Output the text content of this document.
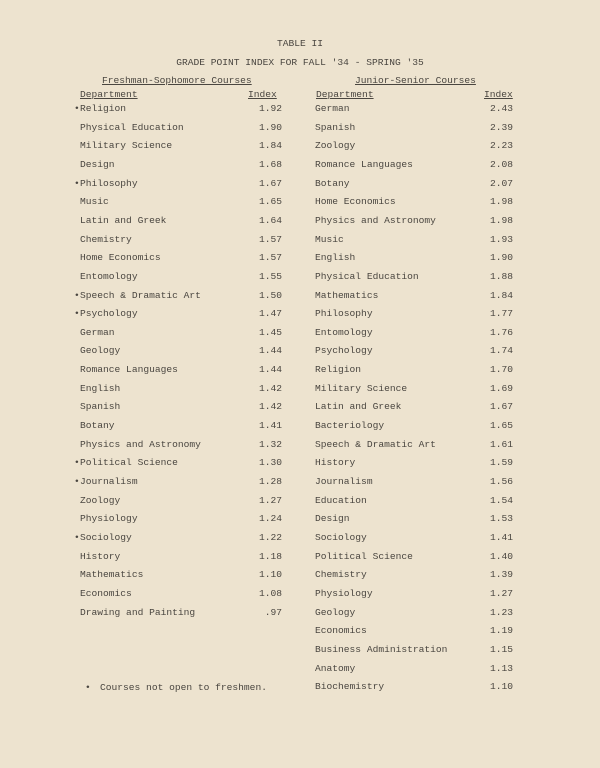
TABLE II
GRADE POINT INDEX FOR FALL '34 - SPRING '35
Freshman-Sophomore Courses
Department	Index
Junior-Senior Courses
Department	Index
• Religion	1.92
Physical Education	1.90
Military Science	1.84
Design	1.68
• Philosophy	1.67
Music	1.65
Latin and Greek	1.64
Chemistry	1.57
Home Economics	1.57
Entomology	1.55
• Speech & Dramatic Art	1.50
• Psychology	1.47
German	1.45
Geology	1.44
Romance Languages	1.44
English	1.42
Spanish	1.42
Botany	1.41
Physics and Astronomy	1.32
• Political Science	1.30
• Journalism	1.28
Zoology	1.27
Physiology	1.24
• Sociology	1.22
History	1.18
Mathematics	1.10
Economics	1.08
Drawing and Painting	.97
German	2.43
Spanish	2.39
Zoology	2.23
Romance Languages	2.08
Botany	2.07
Home Economics	1.98
Physics and Astronomy	1.98
Music	1.93
English	1.90
Physical Education	1.88
Mathematics	1.84
Philosophy	1.77
Entomology	1.76
Psychology	1.74
Religion	1.70
Military Science	1.69
Latin and Greek	1.67
Bacteriology	1.65
Speech & Dramatic Art	1.61
History	1.59
Journalism	1.56
Education	1.54
Design	1.53
Sociology	1.41
Political Science	1.40
Chemistry	1.39
Physiology	1.27
Geology	1.23
Economics	1.19
Business Administration	1.15
Anatomy	1.13
Biochemistry	1.10
• Courses not open to freshmen.
